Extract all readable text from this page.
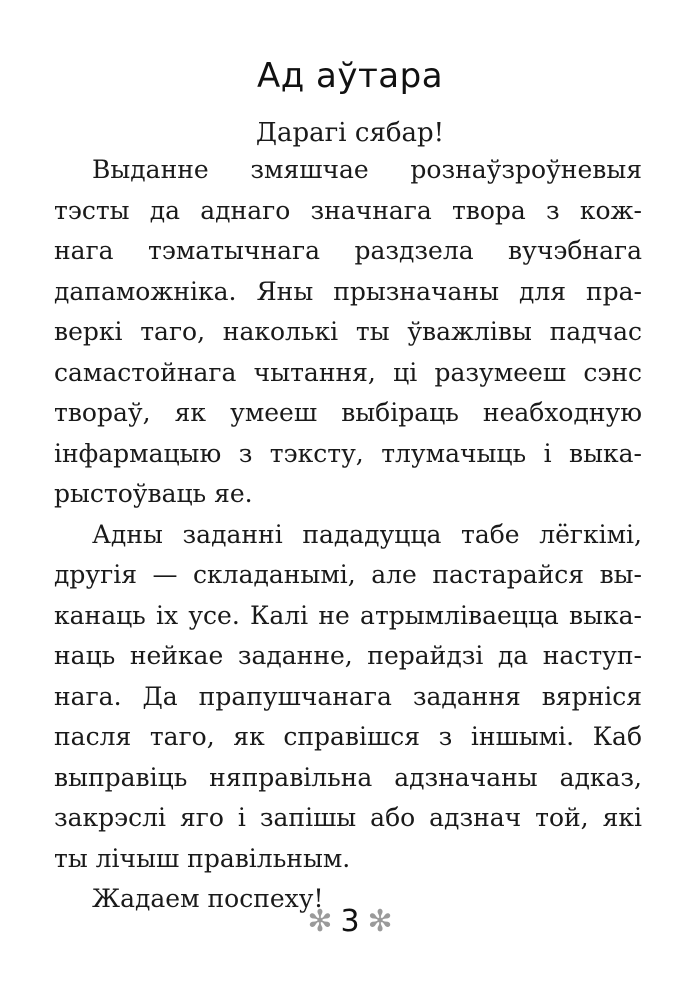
Ад аўтара

Дарагі сябар!

Выданне змяшчае рознаўзроўневыя
тэсты да аднаго значнага твора з кож-
нага тэматычнага раздзела вучэбнага
дапаможніка. Яны прызначаны для пра-
веркі таго, наколькі ты ўважлівы падчас
самастойнага чытання, ці разумееш сэнс
твораў, як умееш выбіраць неабходную
інфармацыю з тэксту, тлумачыць і выка-
рыстоўваць яе.
Адны заданні пададуцца табе лёгкімі,
другія — складанымі, але пастарайся вы-
канаць іх усе. Калі не атрымліваецца выка-
наць нейкае заданне, перайдзі да наступ-
нага. Да прапушчанага задання вярніся
пасля таго, як справішся з іншымі. Каб
выправіць няправільна адзначаны адказ,
закрэслі яго і запішы або адзнач той, які
ты лічыш правільным.
Жадаем поспеху!
✻ 3 ✻
